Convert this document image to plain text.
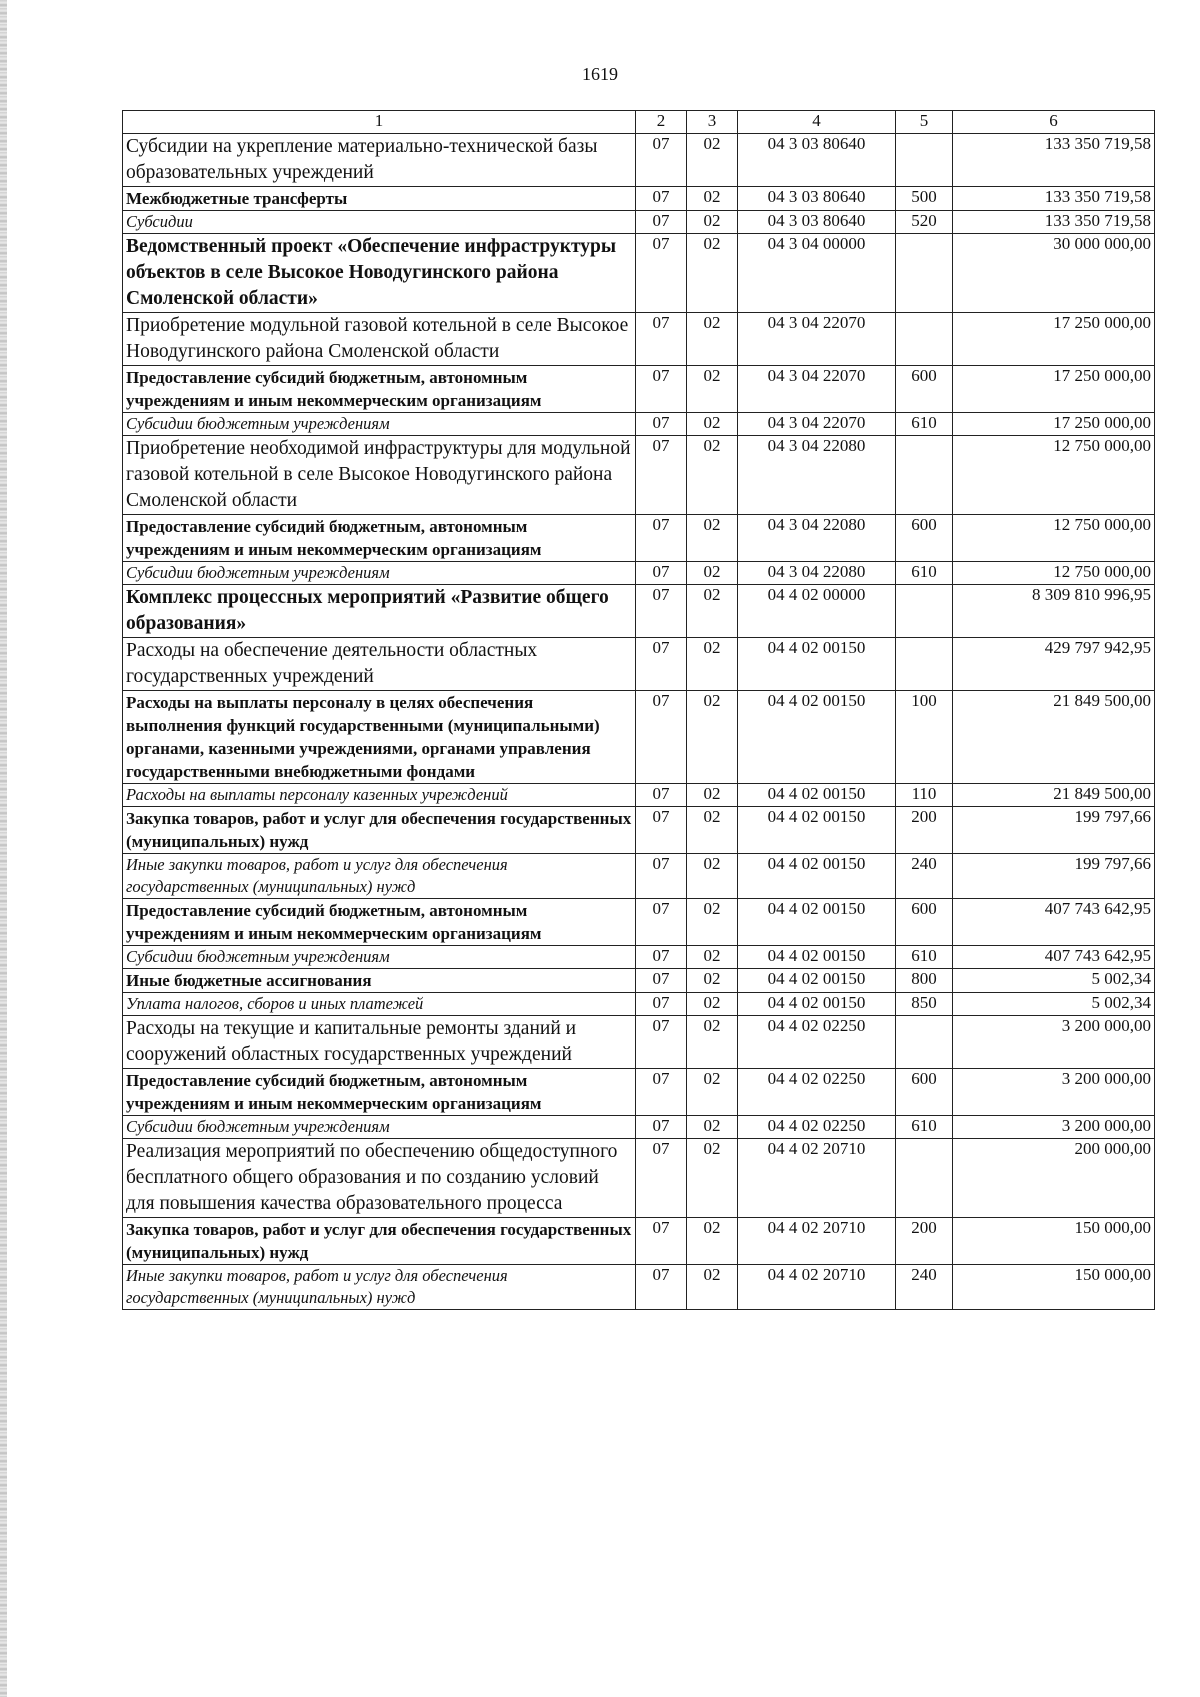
1619
1	2	3	4	5	6
Субсидии на укрепление материально-технической базы образовательных учреждений	07	02	04 3 03 80640		133 350 719,58
Межбюджетные трансферты	07	02	04 3 03 80640	500	133 350 719,58
Субсидии	07	02	04 3 03 80640	520	133 350 719,58
Ведомственный проект «Обеспечение инфраструктуры объектов в селе Высокое Новодугинского района Смоленской области»	07	02	04 3 04 00000		30 000 000,00
Приобретение модульной газовой котельной в селе Высокое Новодугинского района Смоленской области	07	02	04 3 04 22070		17 250 000,00
Предоставление субсидий бюджетным, автономным учреждениям и иным некоммерческим организациям	07	02	04 3 04 22070	600	17 250 000,00
Субсидии бюджетным учреждениям	07	02	04 3 04 22070	610	17 250 000,00
Приобретение необходимой инфраструктуры для модульной газовой котельной в селе Высокое Новодугинского района Смоленской области	07	02	04 3 04 22080		12 750 000,00
Предоставление субсидий бюджетным, автономным учреждениям и иным некоммерческим организациям	07	02	04 3 04 22080	600	12 750 000,00
Субсидии бюджетным учреждениям	07	02	04 3 04 22080	610	12 750 000,00
Комплекс процессных мероприятий «Развитие общего образования»	07	02	04 4 02 00000		8 309 810 996,95
Расходы на обеспечение деятельности областных государственных учреждений	07	02	04 4 02 00150		429 797 942,95
Расходы на выплаты персоналу в целях обеспечения выполнения функций государственными (муниципальными) органами, казенными учреждениями, органами управления государственными внебюджетными фондами	07	02	04 4 02 00150	100	21 849 500,00
Расходы на выплаты персоналу казенных учреждений	07	02	04 4 02 00150	110	21 849 500,00
Закупка товаров, работ и услуг для обеспечения государственных (муниципальных) нужд	07	02	04 4 02 00150	200	199 797,66
Иные закупки товаров, работ и услуг для обеспечения государственных (муниципальных) нужд	07	02	04 4 02 00150	240	199 797,66
Предоставление субсидий бюджетным, автономным учреждениям и иным некоммерческим организациям	07	02	04 4 02 00150	600	407 743 642,95
Субсидии бюджетным учреждениям	07	02	04 4 02 00150	610	407 743 642,95
Иные бюджетные ассигнования	07	02	04 4 02 00150	800	5 002,34
Уплата налогов, сборов и иных платежей	07	02	04 4 02 00150	850	5 002,34
Расходы на текущие и капитальные ремонты зданий и сооружений областных государственных учреждений	07	02	04 4 02 02250		3 200 000,00
Предоставление субсидий бюджетным, автономным учреждениям и иным некоммерческим организациям	07	02	04 4 02 02250	600	3 200 000,00
Субсидии бюджетным учреждениям	07	02	04 4 02 02250	610	3 200 000,00
Реализация мероприятий по обеспечению общедоступного бесплатного общего образования и по созданию условий для повышения качества образовательного процесса	07	02	04 4 02 20710		200 000,00
Закупка товаров, работ и услуг для обеспечения государственных (муниципальных) нужд	07	02	04 4 02 20710	200	150 000,00
Иные закупки товаров, работ и услуг для обеспечения государственных (муниципальных) нужд	07	02	04 4 02 20710	240	150 000,00
